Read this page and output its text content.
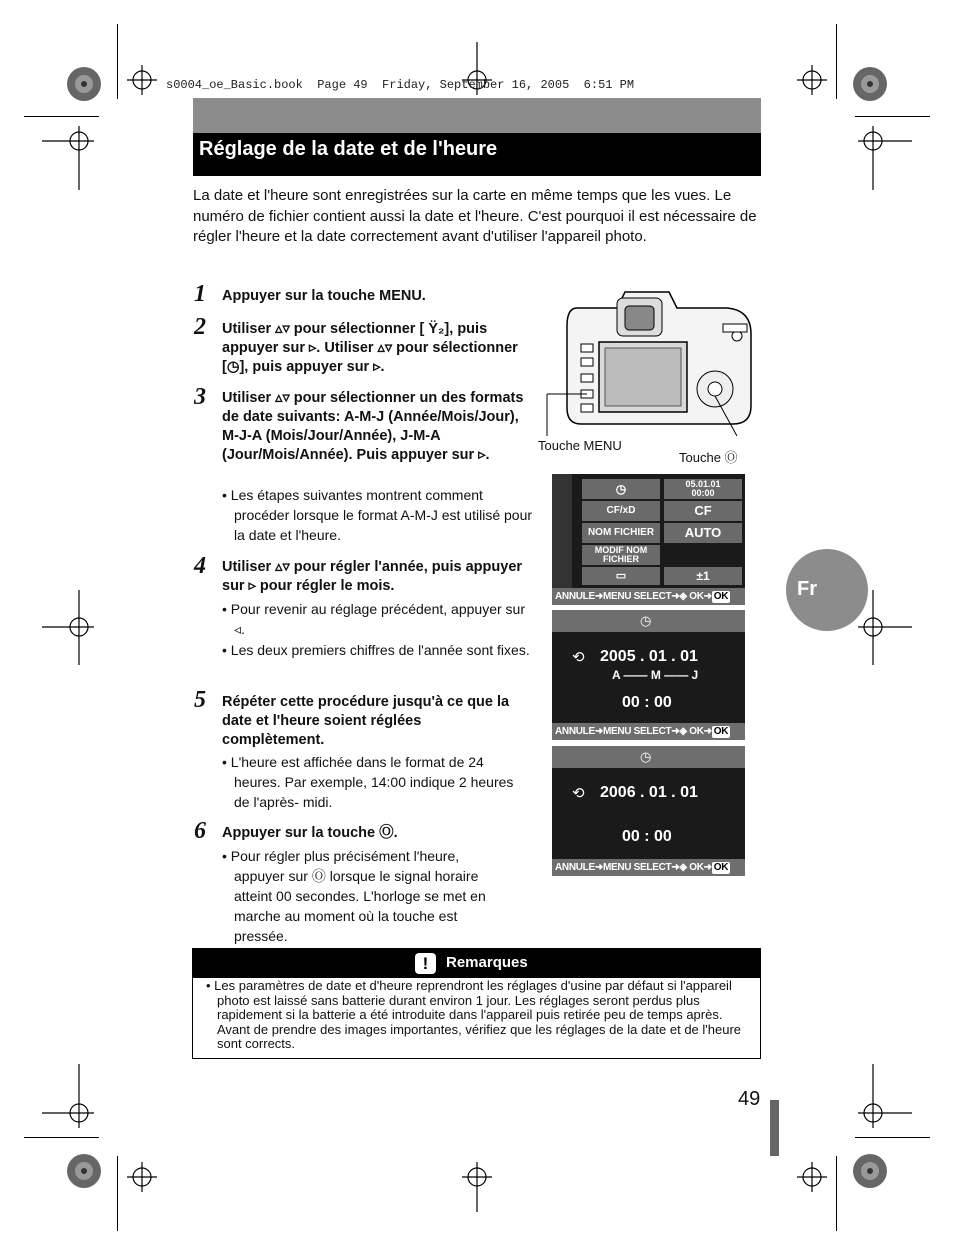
s0004_oe_Basic.book  Page 49  Friday, September 16, 2005  6:51 PM
Réglage de la date et de l'heure
La date et l'heure sont enregistrées sur la carte en même temps que les vues. Le numéro de fichier contient aussi la date et l'heure. C'est pourquoi il est nécessaire de régler l'heure et la date correctement avant d'utiliser l'appareil photo.
1 Appuyer sur la touche MENU.
2 Utiliser ▵▿ pour sélectionner [ Ÿ₂], puis appuyer sur ▹. Utiliser ▵▿ pour sélectionner [◷], puis appuyer sur ▹.
3 Utiliser ▵▿ pour sélectionner un des formats de date suivants: A-M-J (Année/Mois/Jour), M-J-A (Mois/Jour/Année), J-M-A (Jour/Mois/Année). Puis appuyer sur ▹.
• Les étapes suivantes montrent comment procéder lorsque le format A-M-J est utilisé pour la date et l'heure.
4 Utiliser ▵▿ pour régler l'année, puis appuyer sur ▹ pour régler le mois.
• Pour revenir au réglage précédent, appuyer sur ◃.
• Les deux premiers chiffres de l'année sont fixes.
5 Répéter cette procédure jusqu'à ce que la date et l'heure soient réglées complètement.
• L'heure est affichée dans le format de 24 heures. Par exemple, 14:00 indique 2 heures de l'après- midi.
6 Appuyer sur la touche Ⓞ.
• Pour régler plus précisément l'heure, appuyer sur Ⓞ lorsque le signal horaire atteint 00 secondes. L'horloge se met en marche au moment où la touche est pressée.
Touche MENU
Touche Ⓞ
◷	05.01.01
00:00
CF/xD	CF
NOM FICHIER	AUTO
MODIF NOM
FICHIER
▭	±1
ANNULE➜MENU SELECT➜◈ OK➜ OK
◷
2005 . 01 . 01
⟲
A —— M —— J
00 : 00
ANNULE➜MENU SELECT➜◈ OK➜ OK
◷
⟲ 2006 . 01 . 01
00 : 00
ANNULE➜MENU SELECT➜◈ OK➜ OK
Fr
!	Remarques
• Les paramètres de date et d'heure reprendront les réglages d'usine par défaut si l'appareil photo est laissé sans batterie durant environ 1 jour. Les réglages seront perdus plus rapidement si la batterie a été introduite dans l'appareil puis retirée peu de temps après. Avant de prendre des images importantes, vérifiez que les réglages de la date et de l'heure sont corrects.
49
